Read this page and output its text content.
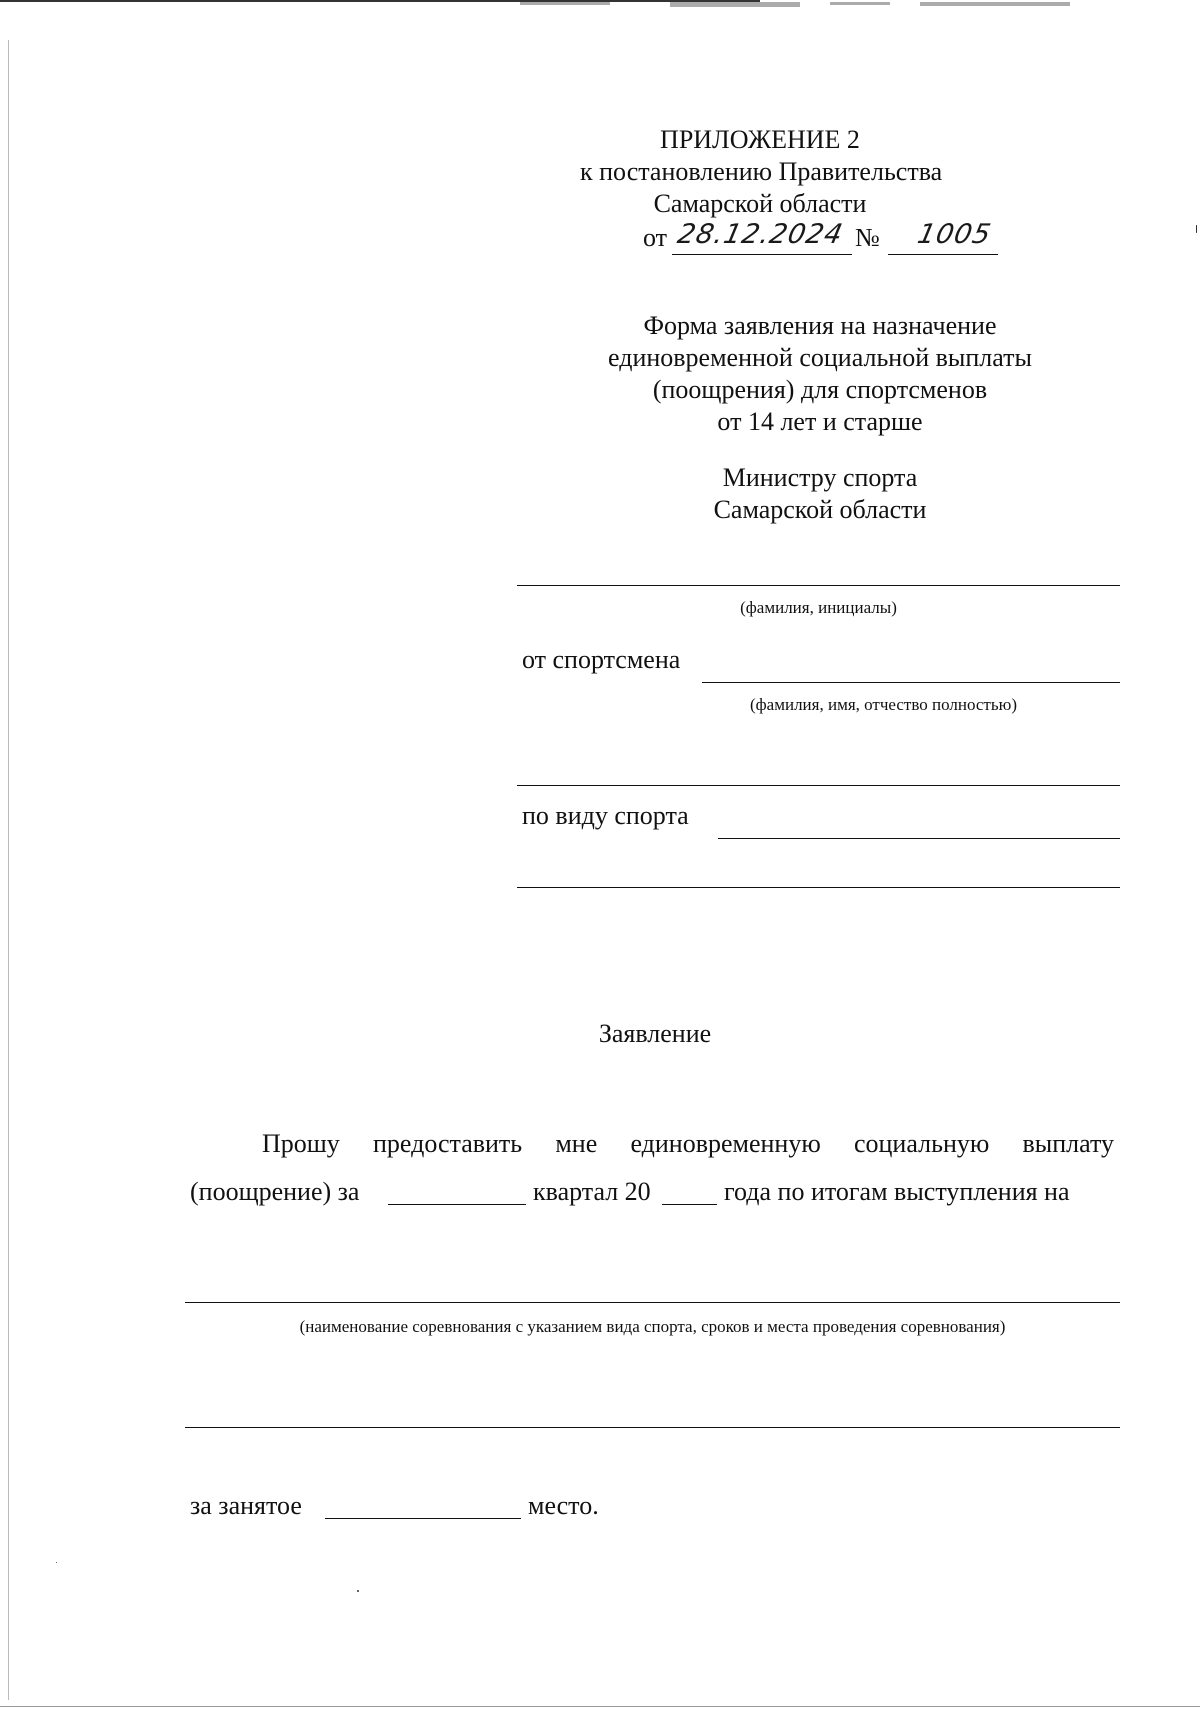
ПРИЛОЖЕНИЕ 2
к постановлению Правительства
Самарской области
от 28.12.2024 № 1005
Форма заявления на назначение
единовременной социальной выплаты
(поощрения) для спортсменов
от 14 лет и старше
Министру спорта
Самарской области
(фамилия, инициалы)
от спортсмена
(фамилия, имя, отчество полностью)
по виду спорта
Заявление
Прошу предоставить мне единовременную социальную выплату
(поощрение) за	квартал 20	года по итогам выступления на
(наименование соревнования с указанием вида спорта, сроков и места проведения соревнования)
за занятое	место.
